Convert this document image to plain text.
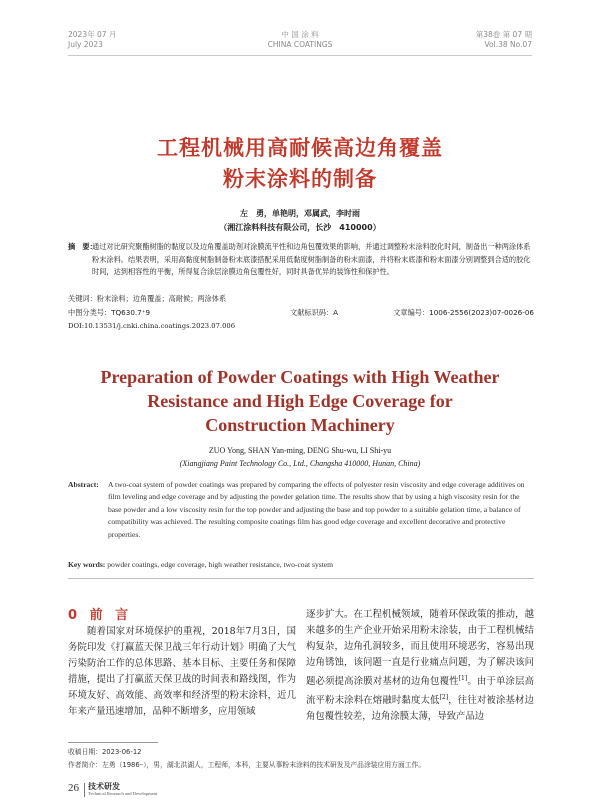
2023年 07 月
July 2023
中 国 涂 料
CHINA COATINGS
第38卷 第 07 期
Vol.38 No.07
工程机械用高耐候高边角覆盖
粉末涂料的制备
左　勇，单艳明，邓属武，李时雨
（湘江涂料科技有限公司，长沙　410000）
摘　要：
通过对比研究聚酯树脂的黏度以及边角覆盖助剂对涂膜流平性和边角包覆效果的影响，并通过调整粉末涂料胶化时间，制备出一种两涂体系粉末涂料。结果表明，采用高黏度树脂制备粉末底漆搭配采用低黏度树脂制备的粉末面漆，并将粉末底漆和粉末面漆分别调整到合适的胶化时间，达到相容性的平衡，所得复合涂层涂膜边角包覆性好，同时具备优异的装饰性和保护性。
关键词：粉末涂料；边角覆盖；高耐候；两涂体系
中图分类号：TQ630.7⁺9	文献标识码：A	文章编号：1006-2556(2023)07-0026-06
DOI:10.13531/j.cnki.china.coatings.2023.07.006
Preparation of Powder Coatings with High Weather
Resistance and High Edge Coverage for
Construction Machinery
ZUO Yong, SHAN Yan-ming, DENG Shu-wu, LI Shi-yu
(Xiangjiang Paint Technology Co., Ltd., Changsha 410000, Hunan, China)
Abstract: A two-coat system of powder coatings was prepared by comparing the effects of polyester resin viscosity and edge coverage additives on film leveling and edge coverage and by adjusting the powder gelation time. The results show that by using a high viscosity resin for the base powder and a low viscosity resin for the top powder and adjusting the base and top powder to a suitable gelation time, a balance of compatibility was achieved. The resulting composite coatings film has good edge coverage and excellent decorative and protective properties.
Key words: powder coatings, edge coverage, high weather resistance, two-coat system
0 前 言
随着国家对环境保护的重视，2018年7月3日，国务院印发《打赢蓝天保卫战三年行动计划》明确了大气污染防治工作的总体思路、基本目标、主要任务和保障措施，提出了打赢蓝天保卫战的时间表和路线图，作为环境友好、高效能、高效率和经济型的粉末涂料，近几年来产量迅速增加，品种不断增多，应用领域
逐步扩大。在工程机械领域，随着环保政策的推动，越来越多的生产企业开始采用粉末涂装，由于工程机械结构复杂，边角孔洞较多，而且使用环境恶劣，容易出现边角锈蚀，该问题一直是行业痛点问题，为了解决该问题必须提高涂膜对基材的边角包覆性[1]。由于单涂层高流平粉末涂料在熔融时黏度太低[2]，往往对被涂基材边角包覆性较差，边角涂膜太薄，导致产品边
收稿日期：2023-06-12
作者简介：左勇（1986–），男，湖北洪湖人，工程师，本科，主要从事粉末涂料的技术研发及产品涂装应用方面工作。
26 技术研发
Technical Research and Development
